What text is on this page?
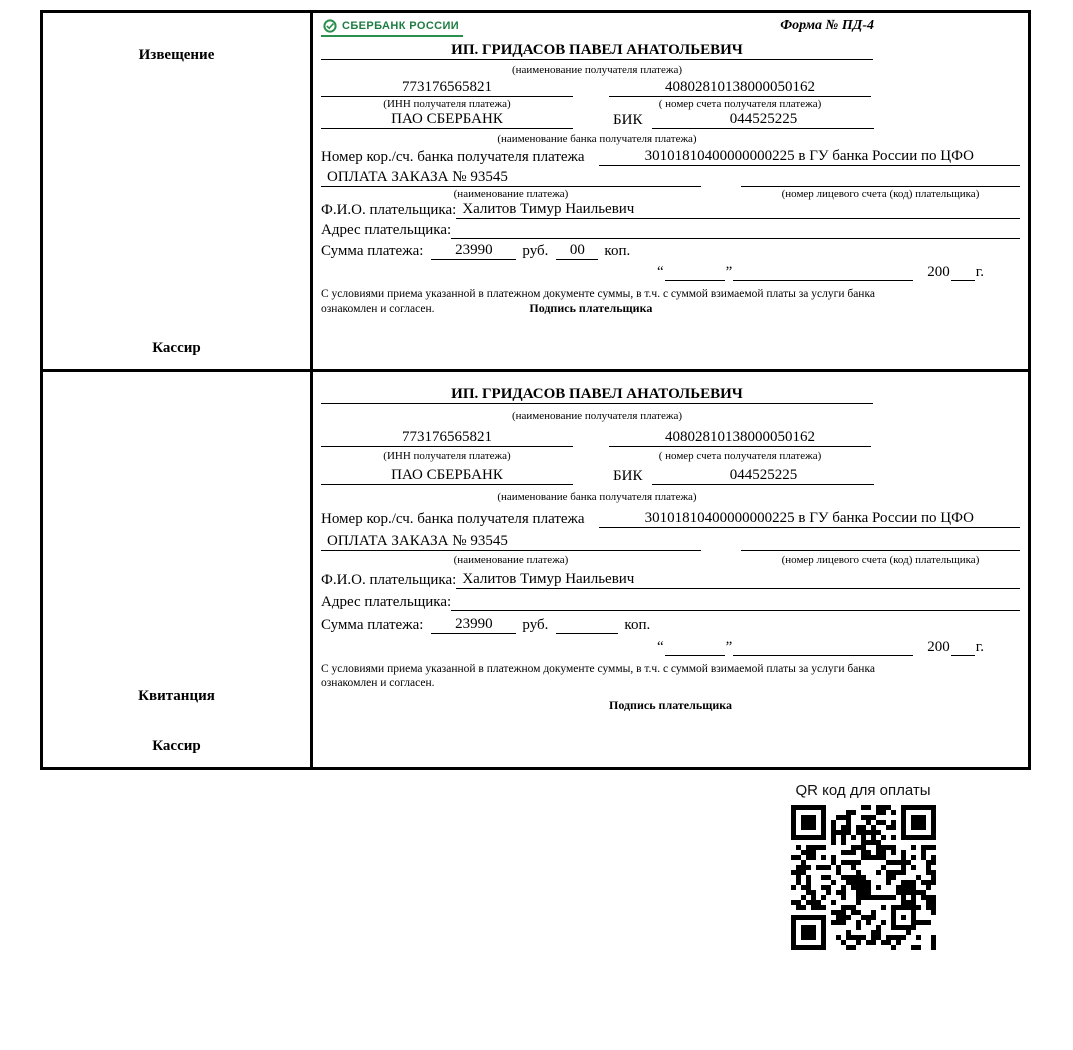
Извещение
Кассир
СБЕРБАНК РОССИИ	Форма № ПД-4
ИП. ГРИДАСОВ ПАВЕЛ АНАТОЛЬЕВИЧ
(наименование получателя платежа)
773176565821	40802810138000050162
(ИНН получателя платежа)	( номер счета получателя платежа)
ПАО СБЕРБАНК	БИК	044525225
(наименование банка получателя платежа)
Номер кор./сч. банка получателя платежа	30101810400000000225 в ГУ банка России по ЦФО
ОПЛАТА ЗАКАЗА № 93545
(наименование платежа)	(номер лицевого счета (код) плательщика)
Ф.И.О. плательщика: Халитов Тимур Наильевич
Адрес плательщика:
Сумма платежа:	23990	руб.	00	коп.
“	”	200 г.
С условиями приема указанной в платежном документе суммы, в т.ч. с суммой взимаемой платы за услуги банка
ознакомлен и согласен.	Подпись плательщика
Квитанция
Кассир
ИП. ГРИДАСОВ ПАВЕЛ АНАТОЛЬЕВИЧ
(наименование получателя платежа)
773176565821	40802810138000050162
(ИНН получателя платежа)	( номер счета получателя платежа)
ПАО СБЕРБАНК	БИК	044525225
(наименование банка получателя платежа)
Номер кор./сч. банка получателя платежа	30101810400000000225 в ГУ банка России по ЦФО
ОПЛАТА ЗАКАЗА № 93545
(наименование платежа)	(номер лицевого счета (код) плательщика)
Ф.И.О. плательщика: Халитов Тимур Наильевич
Адрес плательщика:
Сумма платежа:	23990	руб.	коп.
“	”	200 г.
С условиями приема указанной в платежном документе суммы, в т.ч. с суммой взимаемой платы за услуги банка
ознакомлен и согласен.
Подпись плательщика
QR код для оплаты
